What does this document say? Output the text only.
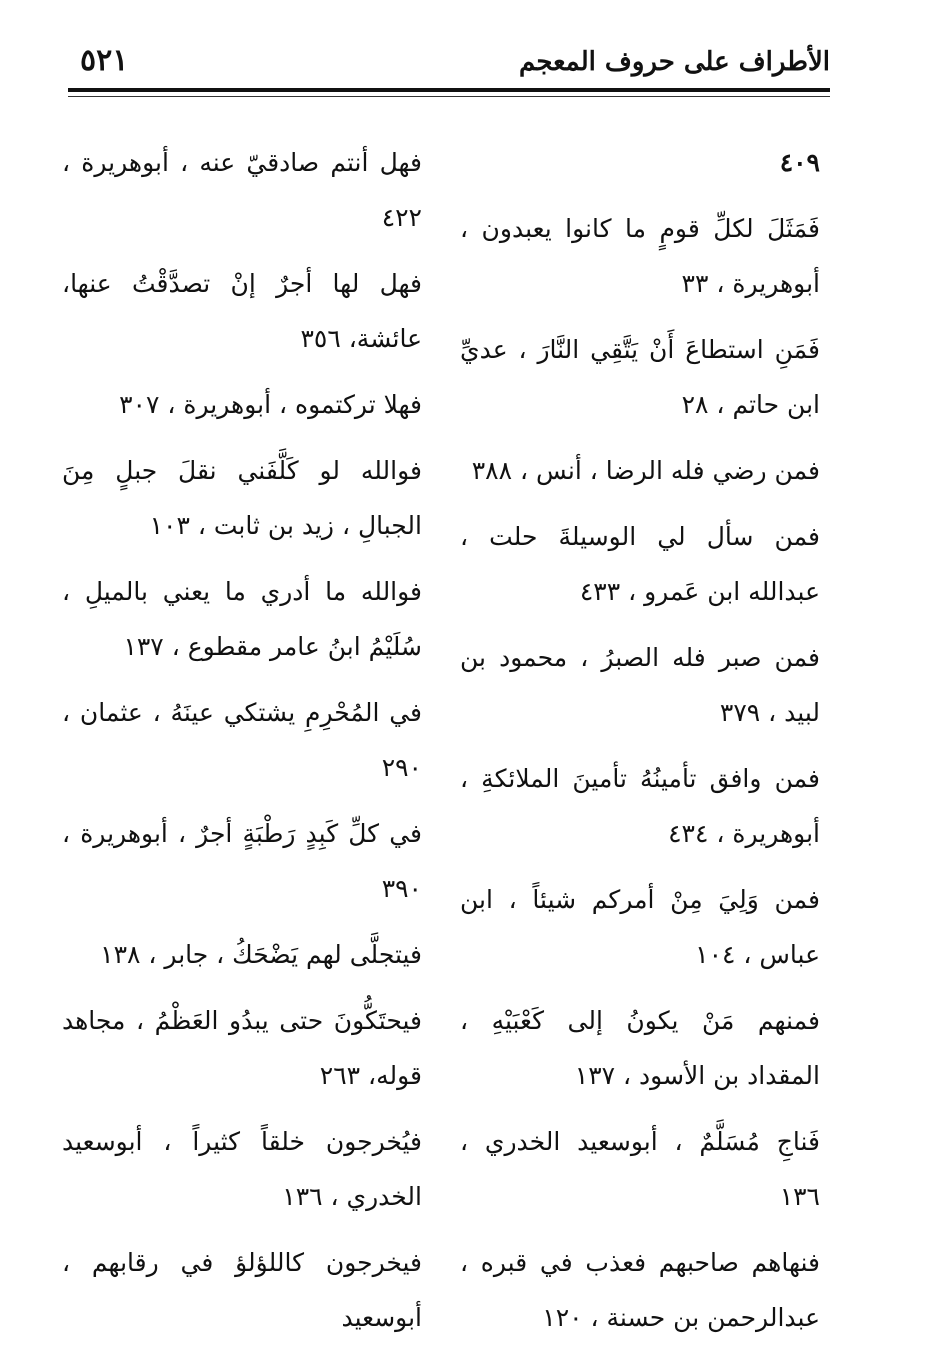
الأطراف على حروف المعجم
٥٢١

٤٠٩

فَمَثَلَ لكلِّ قومٍ ما كانوا يعبدون ، أبوهريرة ، ٣٣

فَمَنِ استطاعَ أَنْ يَتَّقِي النَّارَ ، عديِّ ابن حاتم ، ٢٨

فمن رضي فله الرضا ، أنس ، ٣٨٨

فمن سأل لي الوسيلةَ حلت ، عبدالله ابن عَمرو ، ٤٣٣

فمن صبر فله الصبرُ ، محمود بن لبيد ، ٣٧٩

فمن وافق تأمينُهُ تأمينَ الملائكةِ ، أبوهريرة ، ٤٣٤

فمن وَلِيَ مِنْ أمركم شيئاً ، ابن عباس ، ١٠٤

فمنهم مَنْ يكونُ إلى كَعْبَيْهِ ، المقداد بن الأسود ، ١٣٧

فَناجِ مُسَلَّمٌ ، أبوسعيد الخدري ، ١٣٦

فنهاهم صاحبهم فعذب في قبره ، عبدالرحمن بن حسنة ، ١٢٠

فهل أنتم صادقيّ عنه ، أبوهريرة ، ٤٢٢

فهل لها أجرٌ إنْ تصدَّقْتُ عنها، عائشة، ٣٥٦

فهلا تركتموه ، أبوهريرة ، ٣٠٧

فوالله لو كَلَّفَني نقلَ جبلٍ مِنَ الجبالِ ، زيد بن ثابت ، ١٠٣

فوالله ما أدري ما يعني بالميلِ ، سُلَيْمُ ابنُ عامر مقطوع ، ١٣٧

في المُحْرِمِ يشتكي عينَهُ ، عثمان ، ٢٩٠

في كلِّ كَبِدٍ رَطْبَةٍ أجرٌ ، أبوهريرة ، ٣٩٠

فيتجلَّى لهم يَضْحَكُ ، جابر ، ١٣٨

فيحتَكُّونَ حتى يبدُو العَظْمُ ، مجاهد قوله، ٢٦٣

فيُخرجون خلقاً كثيراً ، أبوسعيد الخدري ، ١٣٦

فيخرجون كاللؤلؤ في رقابهم ، أبوسعيد
